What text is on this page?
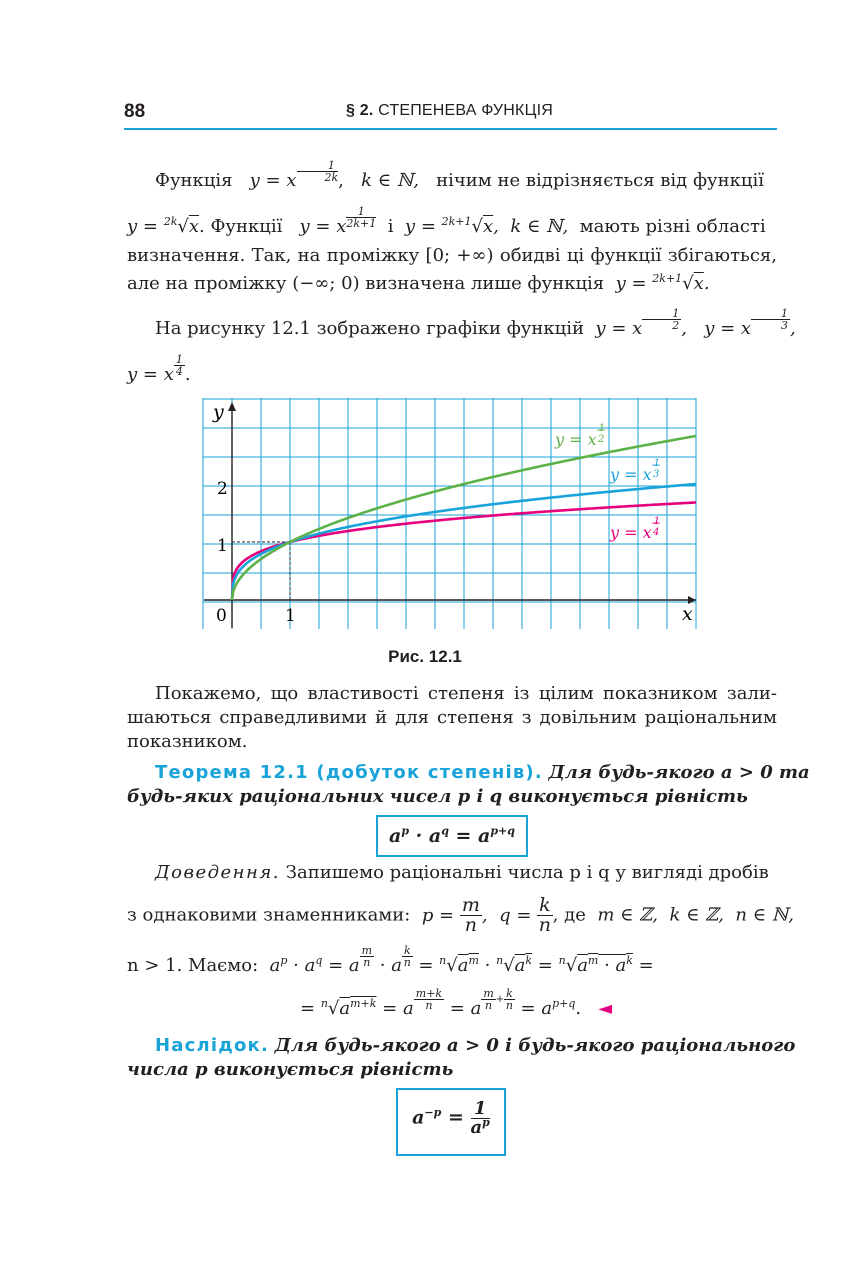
88	§ 2. СТЕПЕНЕВА ФУНКЦІЯ
Функція y = x $^{\frac{1}{2k}}$ , k ∈ ℕ, нічим не відрізняється від функції
y = $^{2k}$√x. Функції y = x $^{\frac{1}{2k+1}}$ і y = $^{2k+1}$√x,  k ∈ ℕ, мають різні області
визначення. Так, на проміжку [0; +∞) обидві ці функції збігаються,
але на проміжку (−∞; 0) визначена лише функція y = $^{2k+1}$√x.
На рисунку 12.1 зображено графіки функцій y = x $^{\frac{1}{2}}$ , y = x $^{\frac{1}{3}}$ ,
y = x $^{\frac{1}{4}}$ .
x
y
0	1
1
2
$y = x^1$ 2
$y = x^1$ 3
$y = x^1$ 4
Рис. 12.1
Покажемо, що властивості степеня із цілим показником зали-
шаються справедливими й для степеня з довільним раціональним
показником.
Теорема 12.1 (добуток степенів). Для будь-якого a > 0 та
будь-яких раціональних чисел p і q виконується рівність
$a^p \cdot a^q = a^{p+q}$
Доведення. Запишемо раціональні числа p і q у вигляді дробів
з однаковими знаменниками: $p = \frac{m}{n}$ , $q = \frac{k}{n}$ , де m ∈ ℤ,  k ∈ ℤ,  n ∈ ℕ,
n > 1. Маємо: $a^p \cdot a^q = a$ $^{\frac{m}{n}}$ · a $^{\frac{k}{n}} = ^n√a^m \cdot ^n√a^k = ^n√a^m \cdot a^k$ =
= $^n√a^{m+k} = a$ $^{\frac{m+k}{n}}$ = a $^{\frac{m}{n} + \frac{k}{n}} = a^{p+q}$. ◄
Наслідок. Для будь-якого a > 0 і будь-якого раціонального
числа p виконується рівність
$a^{-p} = \frac{1}{a^p}$
